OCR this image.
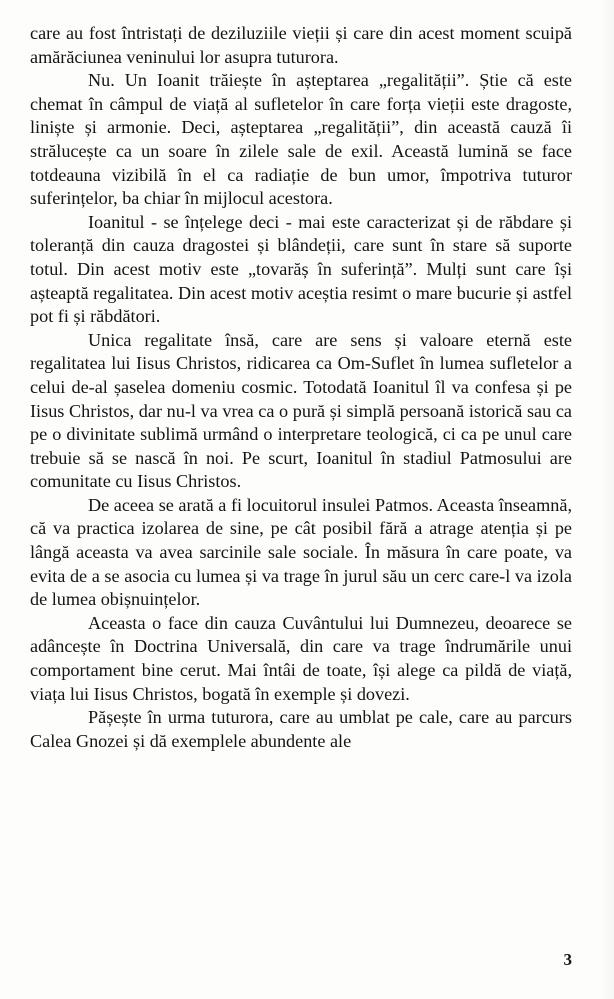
care au fost întristați de deziluziile vieții și care din acest moment scuipă amărăciunea veninului lor asupra tuturora.

Nu. Un Ioanit trăiește în așteptarea „regalității”. Știe că este chemat în câmpul de viață al sufletelor în care forța vieții este dragoste, liniște și armonie. Deci, așteptarea „regalității”, din această cauză îi strălucește ca un soare în zilele sale de exil. Această lumină se face totdeauna vizibilă în el ca radiație de bun umor, împotriva tuturor suferințelor, ba chiar în mijlocul acestora.

Ioanitul - se înțelege deci - mai este caracterizat și de răbdare și toleranță din cauza dragostei și blândeții, care sunt în stare să suporte totul. Din acest motiv este „tovarăș în suferință”. Mulți sunt care își așteaptă regalitatea. Din acest motiv aceștia resimt o mare bucurie și astfel pot fi și răbdători.

Unica regalitate însă, care are sens și valoare eternă este regalitatea lui Iisus Christos, ridicarea ca Om-Suflet în lumea sufletelor a celui de-al șaselea domeniu cosmic. Totodată Ioanitul îl va confesa și pe Iisus Christos, dar nu-l va vrea ca o pură și simplă persoană istorică sau ca pe o divinitate sublimă urmând o interpretare teologică, ci ca pe unul care trebuie să se nască în noi. Pe scurt, Ioanitul în stadiul Patmosului are comunitate cu Iisus Christos.

De aceea se arată a fi locuitorul insulei Patmos. Aceasta înseamnă, că va practica izolarea de sine, pe cât posibil fără a atrage atenția și pe lângă aceasta va avea sarcinile sale sociale. În măsura în care poate, va evita de a se asocia cu lumea și va trage în jurul său un cerc care-l va izola de lumea obișnuințelor.

Aceasta o face din cauza Cuvântului lui Dumnezeu, deoarece se adâncește în Doctrina Universală, din care va trage îndrumările unui comportament bine cerut. Mai întâi de toate, își alege ca pildă de viață, viața lui Iisus Christos, bogată în exemple și dovezi.

Pășește în urma tuturora, care au umblat pe cale, care au parcurs Calea Gnozei și dă exemplele abundente ale

3
